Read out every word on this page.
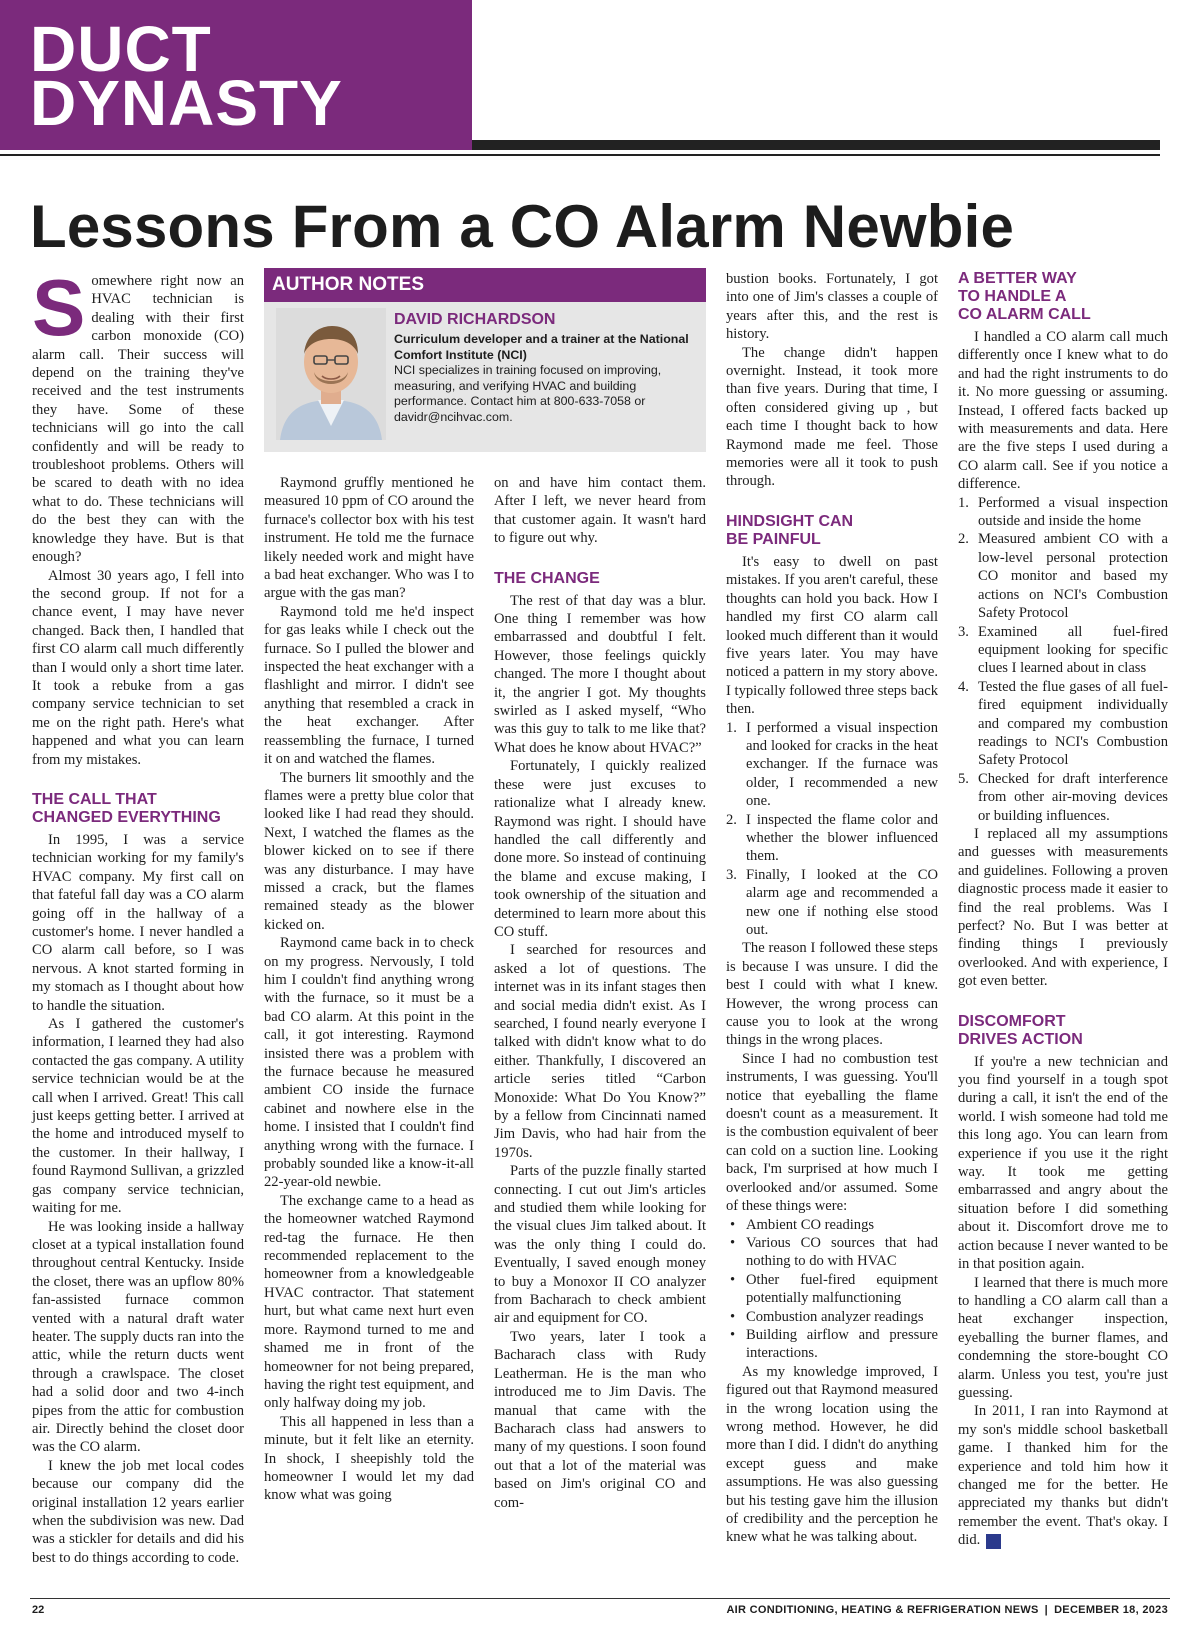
DUCT
DYNASTY
Lessons From a CO Alarm Newbie

Somewhere right now an HVAC technician is dealing with their first carbon monoxide (CO) alarm call. Their success will depend on the training they've received and the test instruments they have. Some of these technicians will go into the call confidently and will be ready to troubleshoot problems. Others will be scared to death with no idea what to do. These technicians will do the best they can with the knowledge they have. But is that enough?

Almost 30 years ago, I fell into the second group. If not for a chance event, I may have never changed. Back then, I handled that first CO alarm call much differently than I would only a short time later. It took a rebuke from a gas company service technician to set me on the right path. Here's what happened and what you can learn from my mistakes.

THE CALL THAT
CHANGED EVERYTHING

In 1995, I was a service technician working for my family's HVAC company. My first call on that fateful fall day was a CO alarm going off in the hallway of a customer's home. I never handled a CO alarm call before, so I was nervous. A knot started forming in my stomach as I thought about how to handle the situation.

As I gathered the customer's information, I learned they had also contacted the gas company. A utility service technician would be at the call when I arrived. Great! This call just keeps getting better. I arrived at the home and introduced myself to the customer. In their hallway, I found Raymond Sullivan, a grizzled gas company service technician, waiting for me.

He was looking inside a hallway closet at a typical installation found throughout central Kentucky. Inside the closet, there was an upflow 80% fan-assisted furnace common vented with a natural draft water heater. The supply ducts ran into the attic, while the return ducts went through a crawlspace. The closet had a solid door and two 4-inch pipes from the attic for combustion air. Directly behind the closet door was the CO alarm.

I knew the job met local codes because our company did the original installation 12 years earlier when the subdivision was new. Dad was a stickler for details and did his best to do things according to code.

AUTHOR NOTES
DAVID RICHARDSON
Curriculum developer and a trainer at the National Comfort Institute (NCI)
NCI specializes in training focused on improving, measuring, and verifying HVAC and building performance. Contact him at 800-633-7058 or davidr@ncihvac.com.

Raymond gruffly mentioned he measured 10 ppm of CO around the furnace's collector box with his test instrument. He told me the furnace likely needed work and might have a bad heat exchanger. Who was I to argue with the gas man?

Raymond told me he'd inspect for gas leaks while I check out the furnace. So I pulled the blower and inspected the heat exchanger with a flashlight and mirror. I didn't see anything that resembled a crack in the heat exchanger. After reassembling the furnace, I turned it on and watched the flames.

The burners lit smoothly and the flames were a pretty blue color that looked like I had read they should. Next, I watched the flames as the blower kicked on to see if there was any disturbance. I may have missed a crack, but the flames remained steady as the blower kicked on.

Raymond came back in to check on my progress. Nervously, I told him I couldn't find anything wrong with the furnace, so it must be a bad CO alarm. At this point in the call, it got interesting. Raymond insisted there was a problem with the furnace because he measured ambient CO inside the furnace cabinet and nowhere else in the home. I insisted that I couldn't find anything wrong with the furnace. I probably sounded like a know-it-all 22-year-old newbie.

The exchange came to a head as the homeowner watched Raymond red-tag the furnace. He then recommended replacement to the homeowner from a knowledgeable HVAC contractor. That statement hurt, but what came next hurt even more. Raymond turned to me and shamed me in front of the homeowner for not being prepared, having the right test equipment, and only halfway doing my job.

This all happened in less than a minute, but it felt like an eternity. In shock, I sheepishly told the homeowner I would let my dad know what was going

on and have him contact them. After I left, we never heard from that customer again. It wasn't hard to figure out why.

THE CHANGE

The rest of that day was a blur. One thing I remember was how embarrassed and doubtful I felt. However, those feelings quickly changed. The more I thought about it, the angrier I got. My thoughts swirled as I asked myself, “Who was this guy to talk to me like that? What does he know about HVAC?”

Fortunately, I quickly realized these were just excuses to rationalize what I already knew. Raymond was right. I should have handled the call differently and done more. So instead of continuing the blame and excuse making, I took ownership of the situation and determined to learn more about this CO stuff.

I searched for resources and asked a lot of questions. The internet was in its infant stages then and social media didn't exist. As I searched, I found nearly everyone I talked with didn't know what to do either. Thankfully, I discovered an article series titled “Carbon Monoxide: What Do You Know?” by a fellow from Cincinnati named Jim Davis, who had hair from the 1970s.

Parts of the puzzle finally started connecting. I cut out Jim's articles and studied them while looking for the visual clues Jim talked about. It was the only thing I could do. Eventually, I saved enough money to buy a Monoxor II CO analyzer from Bacharach to check ambient air and equipment for CO.

Two years, later I took a Bacharach class with Rudy Leatherman. He is the man who introduced me to Jim Davis. The manual that came with the Bacharach class had answers to many of my questions. I soon found out that a lot of the material was based on Jim's original CO and com-

bustion books. Fortunately, I got into one of Jim's classes a couple of years after this, and the rest is history.

The change didn't happen overnight. Instead, it took more than five years. During that time, I often considered giving up , but each time I thought back to how Raymond made me feel. Those memories were all it took to push through.

HINDSIGHT CAN
BE PAINFUL

It's easy to dwell on past mistakes. If you aren't careful, these thoughts can hold you back. How I handled my first CO alarm call looked much different than it would five years later. You may have noticed a pattern in my story above. I typically followed three steps back then.

1. I performed a visual inspection and looked for cracks in the heat exchanger. If the furnace was older, I recommended a new one.
2. I inspected the flame color and whether the blower influenced them.
3. Finally, I looked at the CO alarm age and recommended a new one if nothing else stood out.

The reason I followed these steps is because I was unsure. I did the best I could with what I knew. However, the wrong process can cause you to look at the wrong things in the wrong places.

Since I had no combustion test instruments, I was guessing. You'll notice that eyeballing the flame doesn't count as a measurement. It is the combustion equivalent of beer can cold on a suction line. Looking back, I'm surprised at how much I overlooked and/or assumed. Some of these things were:

• Ambient CO readings
• Various CO sources that had nothing to do with HVAC
• Other fuel-fired equipment potentially malfunctioning
• Combustion analyzer readings
• Building airflow and pressure interactions.

As my knowledge improved, I figured out that Raymond measured in the wrong location using the wrong method. However, he did more than I did. I didn't do anything except guess and make assumptions. He was also guessing but his testing gave him the illusion of credibility and the perception he knew what he was talking about.

A BETTER WAY
TO HANDLE A
CO ALARM CALL

I handled a CO alarm call much differently once I knew what to do and had the right instruments to do it. No more guessing or assuming. Instead, I offered facts backed up with measurements and data. Here are the five steps I used during a CO alarm call. See if you notice a difference.

1. Performed a visual inspection outside and inside the home
2. Measured ambient CO with a low-level personal protection CO monitor and based my actions on NCI's Combustion Safety Protocol
3. Examined all fuel-fired equipment looking for specific clues I learned about in class
4. Tested the flue gases of all fuel-fired equipment individually and compared my combustion readings to NCI's Combustion Safety Protocol
5. Checked for draft interference from other air-moving devices or building influences.

I replaced all my assumptions and guesses with measurements and guidelines. Following a proven diagnostic process made it easier to find the real problems. Was I perfect? No. But I was better at finding things I previously overlooked. And with experience, I got even better.

DISCOMFORT
DRIVES ACTION

If you're a new technician and you find yourself in a tough spot during a call, it isn't the end of the world. I wish someone had told me this long ago. You can learn from experience if you use it the right way. It took me getting embarrassed and angry about the situation before I did something about it. Discomfort drove me to action because I never wanted to be in that position again.

I learned that there is much more to handling a CO alarm call than a heat exchanger inspection, eyeballing the burner flames, and condemning the store-bought CO alarm. Unless you test, you're just guessing.

In 2011, I ran into Raymond at my son's middle school basketball game. I thanked him for the experience and told him how it changed me for the better. He appreciated my thanks but didn't remember the event. That's okay. I did. N

22	AIR CONDITIONING, HEATING & REFRIGERATION NEWS | DECEMBER 18, 2023
